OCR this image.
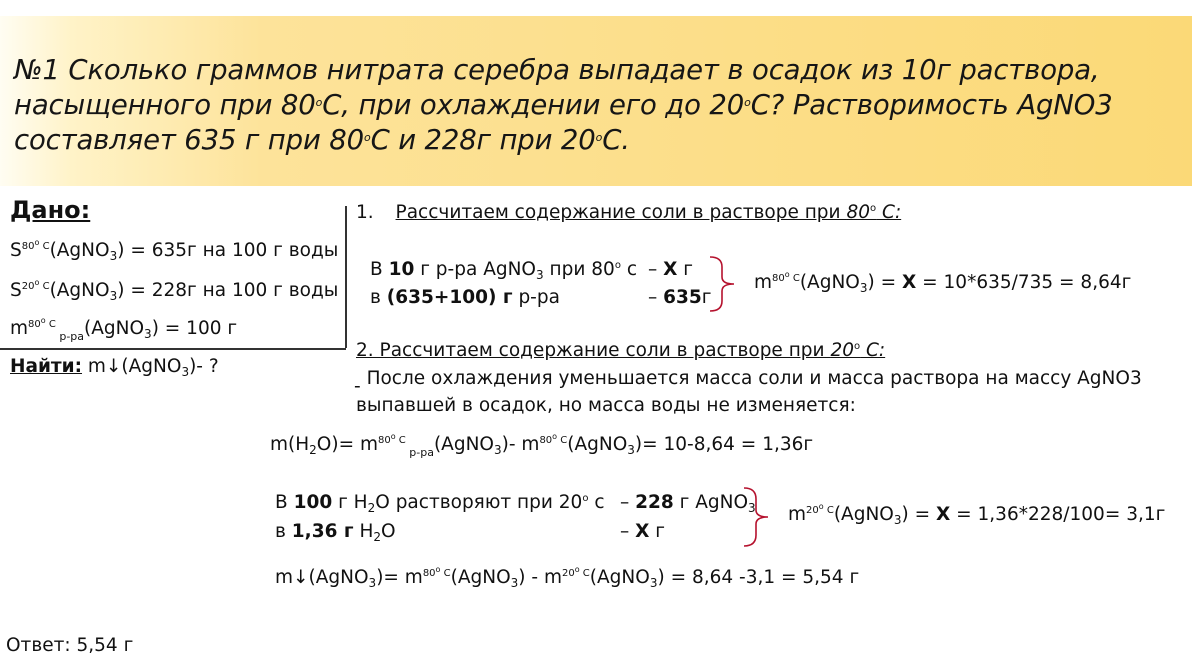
№1 Сколько граммов нитрата серебра выпадает в осадок из 10г раствора,
насыщенного при $80^оС$, при охлаждении его до $20^оС$? Растворимость AgNO3
составляет 635 г при $80^оС$ и 228г при $20^оС$.
Дано:
$S^{80^o C}(AgNO_3) = 635г$ на 100 г воды
$S^{20^o C}(AgNO_3) = 228г$ на 100 г воды
$m^{80^o C}$ $_{р-ра}$(AgNO$_3$) = 100 г
Найти: m↓(AgNO$_3$)- ?
1. Рассчитаем содержание соли в растворе при $80^о$ С:
В 10 г р-ра AgNO$_3$ при $80^о$ с – Х г
в (635+100) г р-ра	– 635г
$m^{80^o C}(AgNO_3) = Х = 10*635/735 = 8,64г$
2. Рассчитаем содержание соли в растворе при $20^о$ С:
- После охлаждения уменьшается масса соли и масса раствора на массу AgNO3
выпавшей в осадок, но масса воды не изменяется:
$m(H_2O)= m^{80^o C}$ $_{р-ра}$(AgNO$_3$)- $m^{80^o C}(AgNO_3)= 10-8,64 = 1,36г$
В 100 г $H_2O$ растворяют при $20^о$ с – 228 г AgNO$_3$
в 1,36 г $H_2O$	– Х г
$m^{20^o C}(AgNO_3) = Х = 1,36*228/100= 3,1г$
m↓(AgNO$_3$)= $m^{80^o C}(AgNO_3)$ - $m^{20^o C}(AgNO_3) = 8,64$ -3,1 = 5,54 г
Ответ: 5,54 г
